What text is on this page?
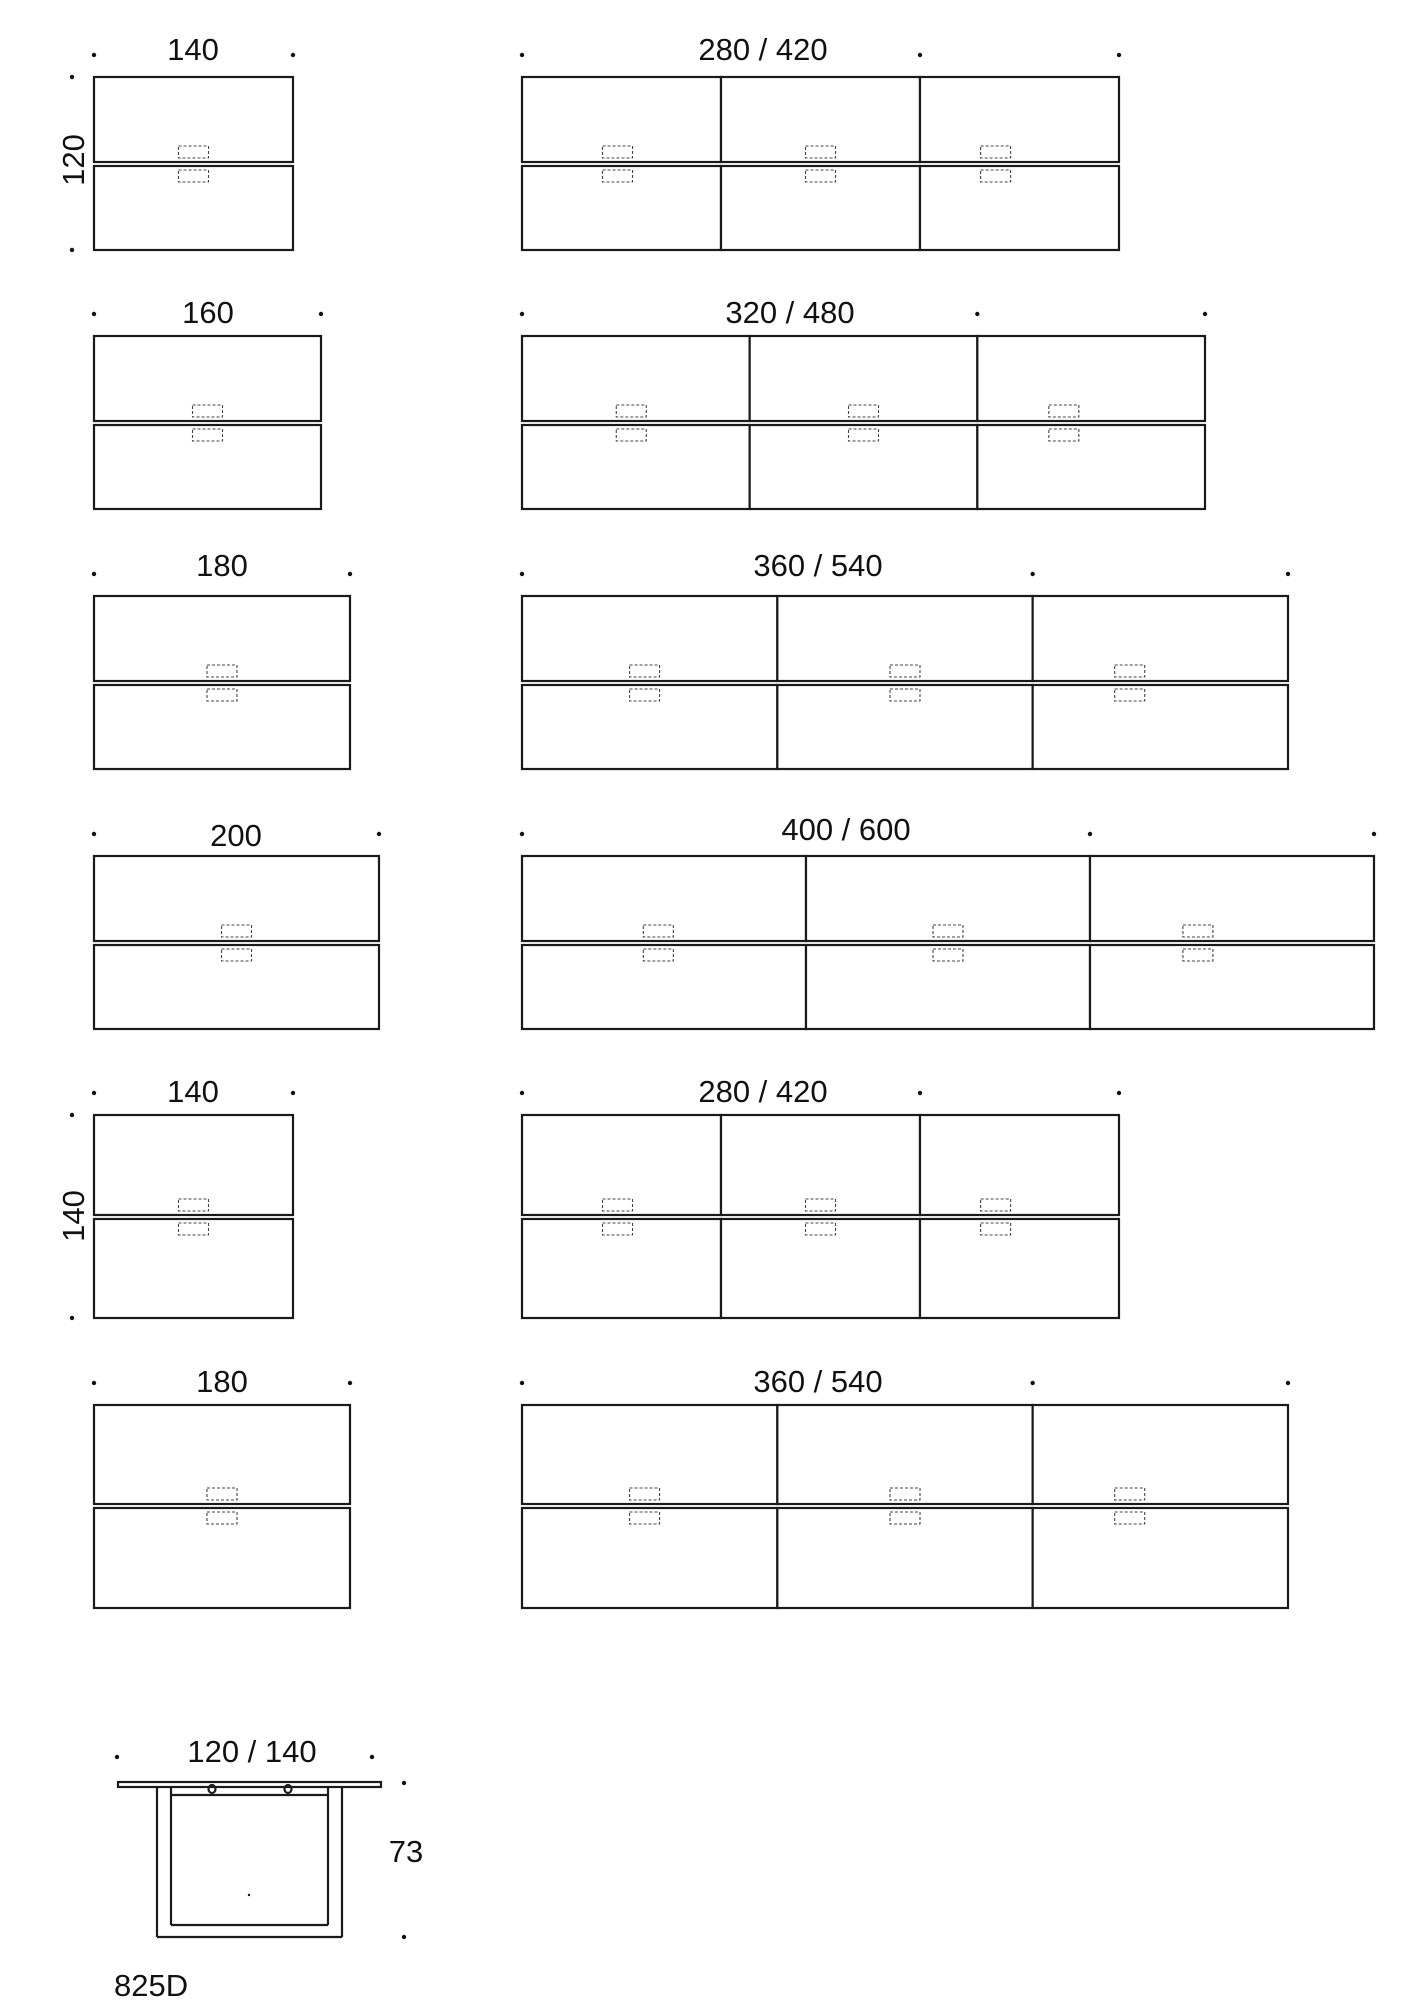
120
140
140	280 / 420
160	320 / 480
180	360 / 540
200	400 / 600
140	280 / 420
180	360 / 540
120 / 140
73
825D
